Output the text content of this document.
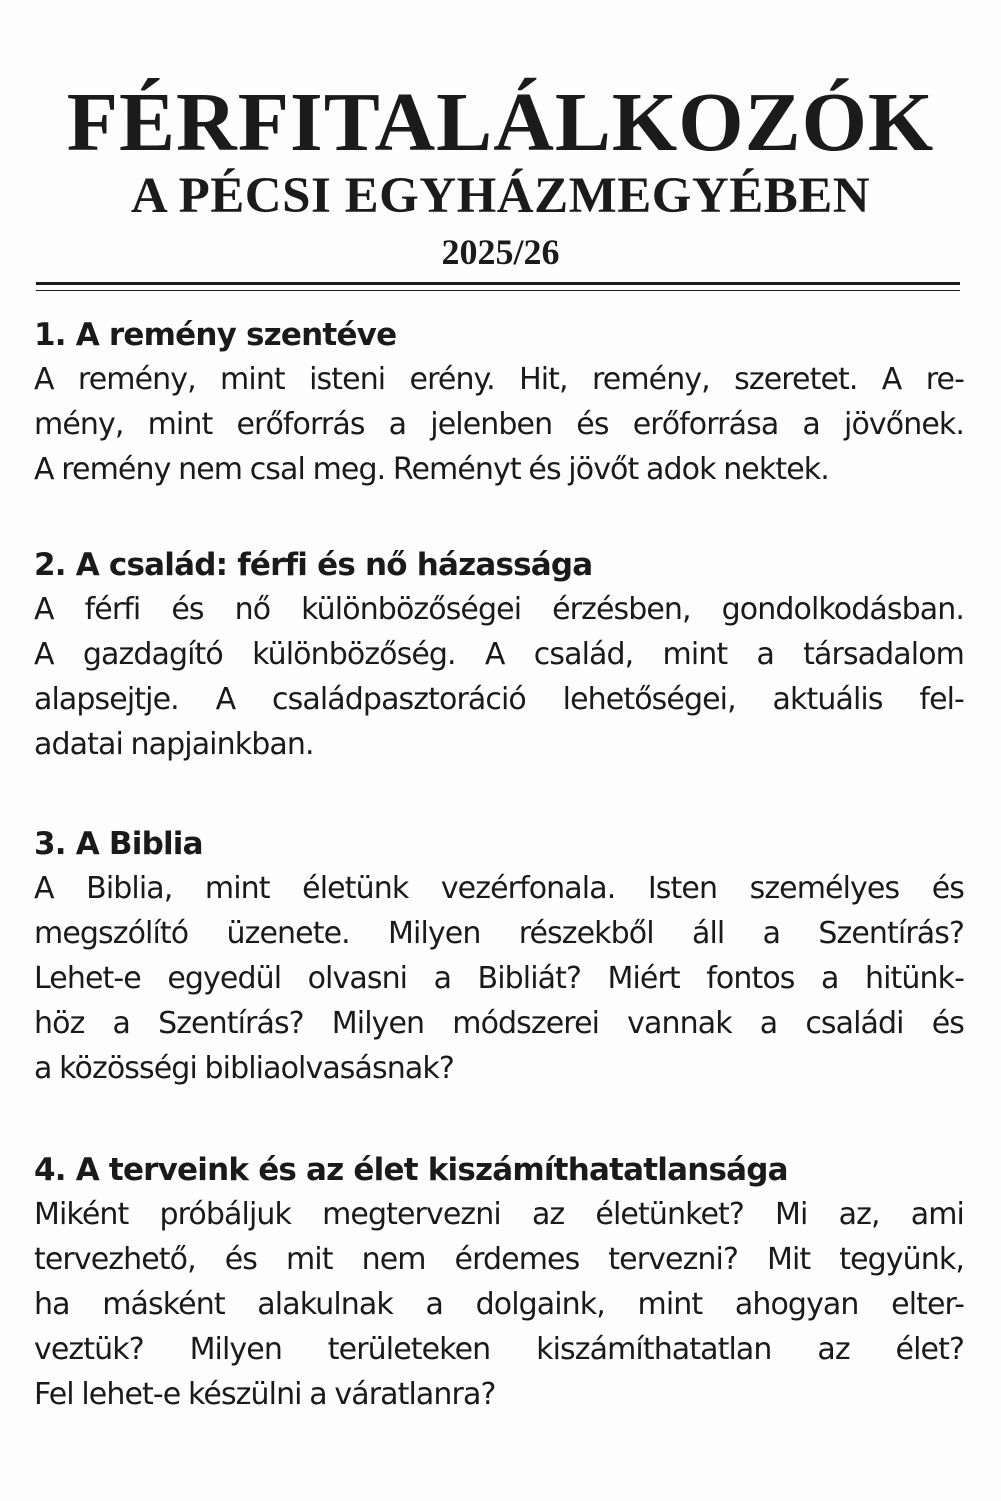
FÉRFITALÁLKOZÓK
A PÉCSI EGYHÁZMEGYÉBEN
2025/26
1. A remény szentéve
A remény, mint isteni erény. Hit, remény, szeretet. A re-
mény, mint erőforrás a jelenben és erőforrása a jövőnek.
A remény nem csal meg. Reményt és jövőt adok nektek.
2. A család: férfi és nő házassága
A férfi és nő különbözőségei érzésben, gondolkodásban.
A gazdagító különbözőség. A család, mint a társadalom
alapsejtje. A családpasztoráció lehetőségei, aktuális fel-
adatai napjainkban.
3. A Biblia
A Biblia, mint életünk vezérfonala. Isten személyes és
megszólító üzenete. Milyen részekből áll a Szentírás?
Lehet-e egyedül olvasni a Bibliát? Miért fontos a hitünk-
höz a Szentírás? Milyen módszerei vannak a családi és
a közösségi bibliaolvasásnak?
4. A terveink és az élet kiszámíthatatlansága
Miként próbáljuk megtervezni az életünket? Mi az, ami
tervezhető, és mit nem érdemes tervezni? Mit tegyünk,
ha másként alakulnak a dolgaink, mint ahogyan elter-
veztük? Milyen területeken kiszámíthatatlan az élet?
Fel lehet-e készülni a váratlanra?
